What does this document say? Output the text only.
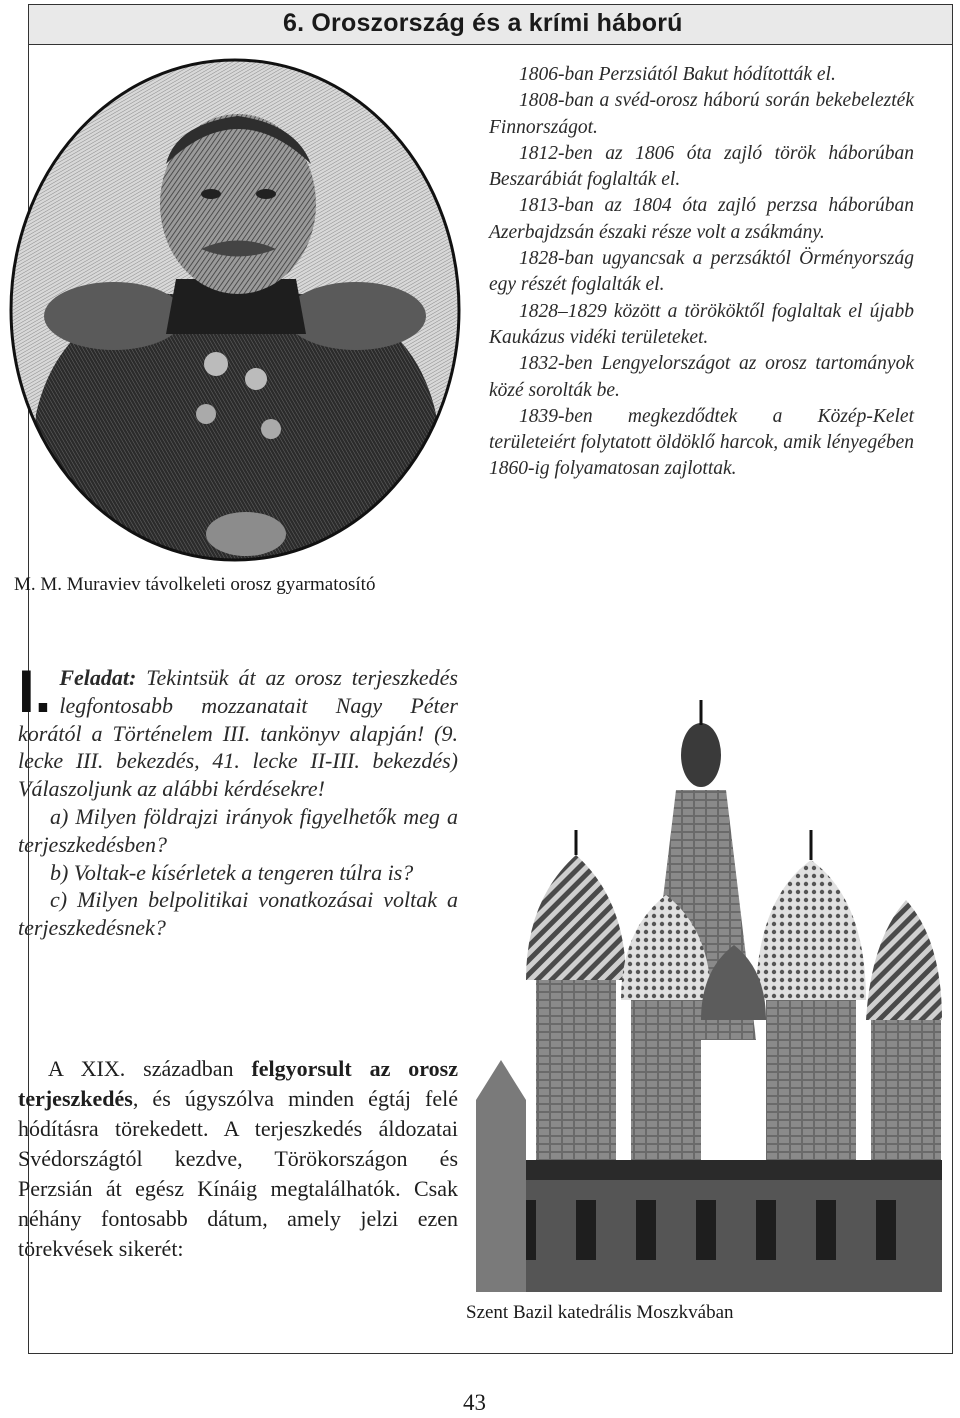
6. Oroszország és a krími háború
M. M. Muraviev távolkeleti orosz gyarmatosító

1806-ban Perzsiától Bakut hódították el.

1808-ban a svéd-orosz háború során bekebelezték Finnországot.

1812-ben az 1806 óta zajló török háborúban Beszarábiát foglalták el.

1813-ban az 1804 óta zajló perzsa háborúban Azerbajdzsán északi része volt a zsákmány.

1828-ban ugyancsak a perzsáktól Örményország egy részét foglalták el.

1828–1829 között a törököktől foglaltak el újabb Kaukázus vidéki területeket.

1832-ben Lengyelországot az orosz tartományok közé sorolták be.

1839-ben megkezdődtek a Közép-Kelet területeiért folytatott öldöklő harcok, amik lényegében 1860-ig folyamatosan zajlottak.

I. Feladat: Tekintsük át az orosz terjeszkedés legfontosabb mozzanatait Nagy Péter korától a Történelem III. tankönyv alapján! (9. lecke III. bekezdés, 41. lecke II-III. bekezdés) Válaszoljunk az alábbi kérdésekre!

a) Milyen földrajzi irányok figyelhetők meg a terjeszkedésben?

b) Voltak-e kísérletek a tengeren túlra is?

c) Milyen belpolitikai vonatkozásai voltak a terjeszkedésnek?

A XIX. században felgyorsult az orosz terjeszkedés, és úgyszólva minden égtáj felé hódításra törekedett. A terjeszkedés áldozatai Svédországtól kezdve, Törökországon és Perzsián át egész Kínáig megtalálhatók. Csak néhány fontosabb dátum, amely jelzi ezen törekvések sikerét:

Szent Bazil katedrális Moszkvában
43
